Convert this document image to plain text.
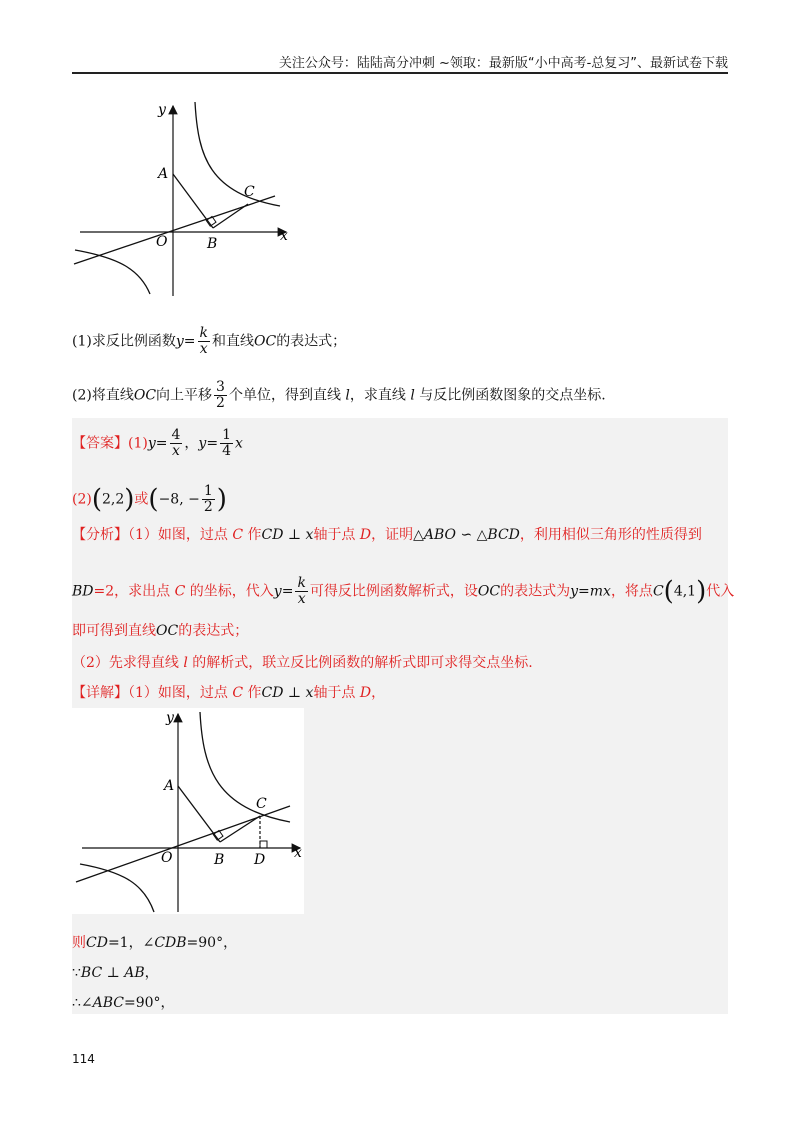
关注公众号：陆陆高分冲刺 ~领取：最新版“小中高考-总复习”、最新试卷下载
y
x
A
C
O	B
(1)求反比例函数$y= \frac{k}{x}$ 和直线OC的表达式；
(2)将直线OC向上平移 $\frac{3}{2}$ 个单位，得到直线 l，求直线 l 与反比例函数图象的交点坐标.
【答案】$(1)y= \frac{4}{x}$ ，$y= \frac{1}{4}$ x
(2)(2,2)或(−8, − $\frac{1}{2}$ )
【分析】（1）如图，过点 C 作CD ⊥ x轴于点 D，证明△ABO ∽ △BCD，利用相似三角形的性质得到
BD=2，求出点 C 的坐标，代入$y= \frac{k}{x}$ 可得反比例函数解析式，设OC的表达式为y=mx，将点C(4,1)代入
即可得到直线OC的表达式；
（2）先求得直线 l 的解析式，联立反比例函数的解析式即可求得交点坐标.
【详解】（1）如图，过点 C 作CD ⊥ x轴于点 D，
y
x
A
C
O	B D
则CD=1，∠CDB=90°，
∵BC ⊥ AB，
∴∠ABC=90°，
114
